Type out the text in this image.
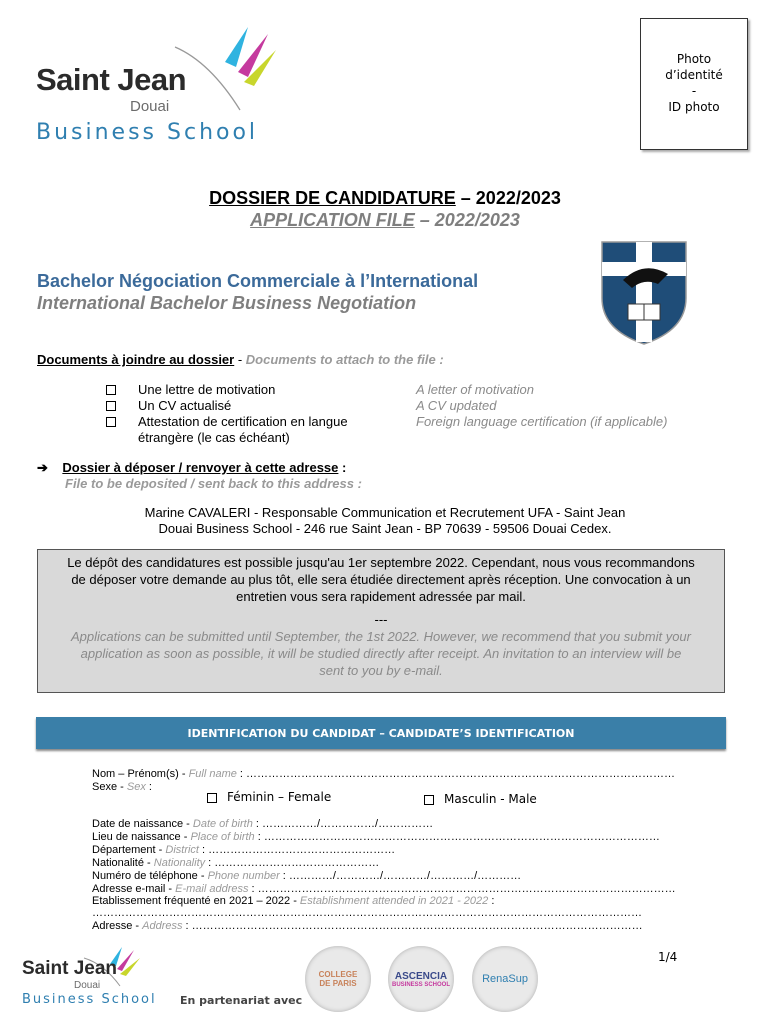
Saint Jean
Douai
Business School
Photo
d’identité
-
ID photo
DOSSIER DE CANDIDATURE – 2022/2023
APPLICATION FILE – 2022/2023
Bachelor Négociation Commerciale à l’International
International Bachelor Business Negotiation
Documents à joindre au dossier - Documents to attach to the file :
Une lettre de motivation
Un CV actualisé
Attestation de certification en langue étrangère (le cas échéant)
A letter of motivation
A CV updated
Foreign language certification (if applicable)
➔ Dossier à déposer / renvoyer à cette adresse :
File to be deposited / sent back to this address :
Marine CAVALERI - Responsable Communication et Recrutement UFA - Saint Jean
Douai Business School - 246 rue Saint Jean - BP 70639 - 59506 Douai Cedex.
Le dépôt des candidatures est possible jusqu'au 1er septembre 2022. Cependant, nous vous recommandons
de déposer votre demande au plus tôt, elle sera étudiée directement après réception. Une convocation à un
entretien vous sera rapidement adressée par mail.
---
Applications can be submitted until September, the 1st 2022. However, we recommend that you submit your
application as soon as possible, it will be studied directly after receipt. An invitation to an interview will be
sent to you by e-mail.
IDENTIFICATION DU CANDIDAT – CANDIDATE’S IDENTIFICATION
Nom – Prénom(s) - Full name : ………………………………………………………………………………………………………
Sexe - Sex :
Féminin – Female	Masculin - Male
Date de naissance - Date of birth : ……………/……………/……………
Lieu de naissance - Place of birth : ………………………………………………………………………………………………
Département - District : ……………………………………………
Nationalité - Nationality : ………………………………………
Numéro de téléphone - Phone number : …………/…………/…………/…………/…………
Adresse e-mail - E-mail address : ……………………………………………………………………………………………………
Etablissement fréquenté en 2021 – 2022 - Establishment attended in 2021 - 2022 :
……………………………………………………………………………………………………………………………………
Adresse - Address : ……………………………………………………………………………………………………………
1/4
Saint Jean
Douai
Business School En partenariat avec
COLLEGE
DE PARIS
ASCENCIA
BUSINESS SCHOOL	RenaSup
